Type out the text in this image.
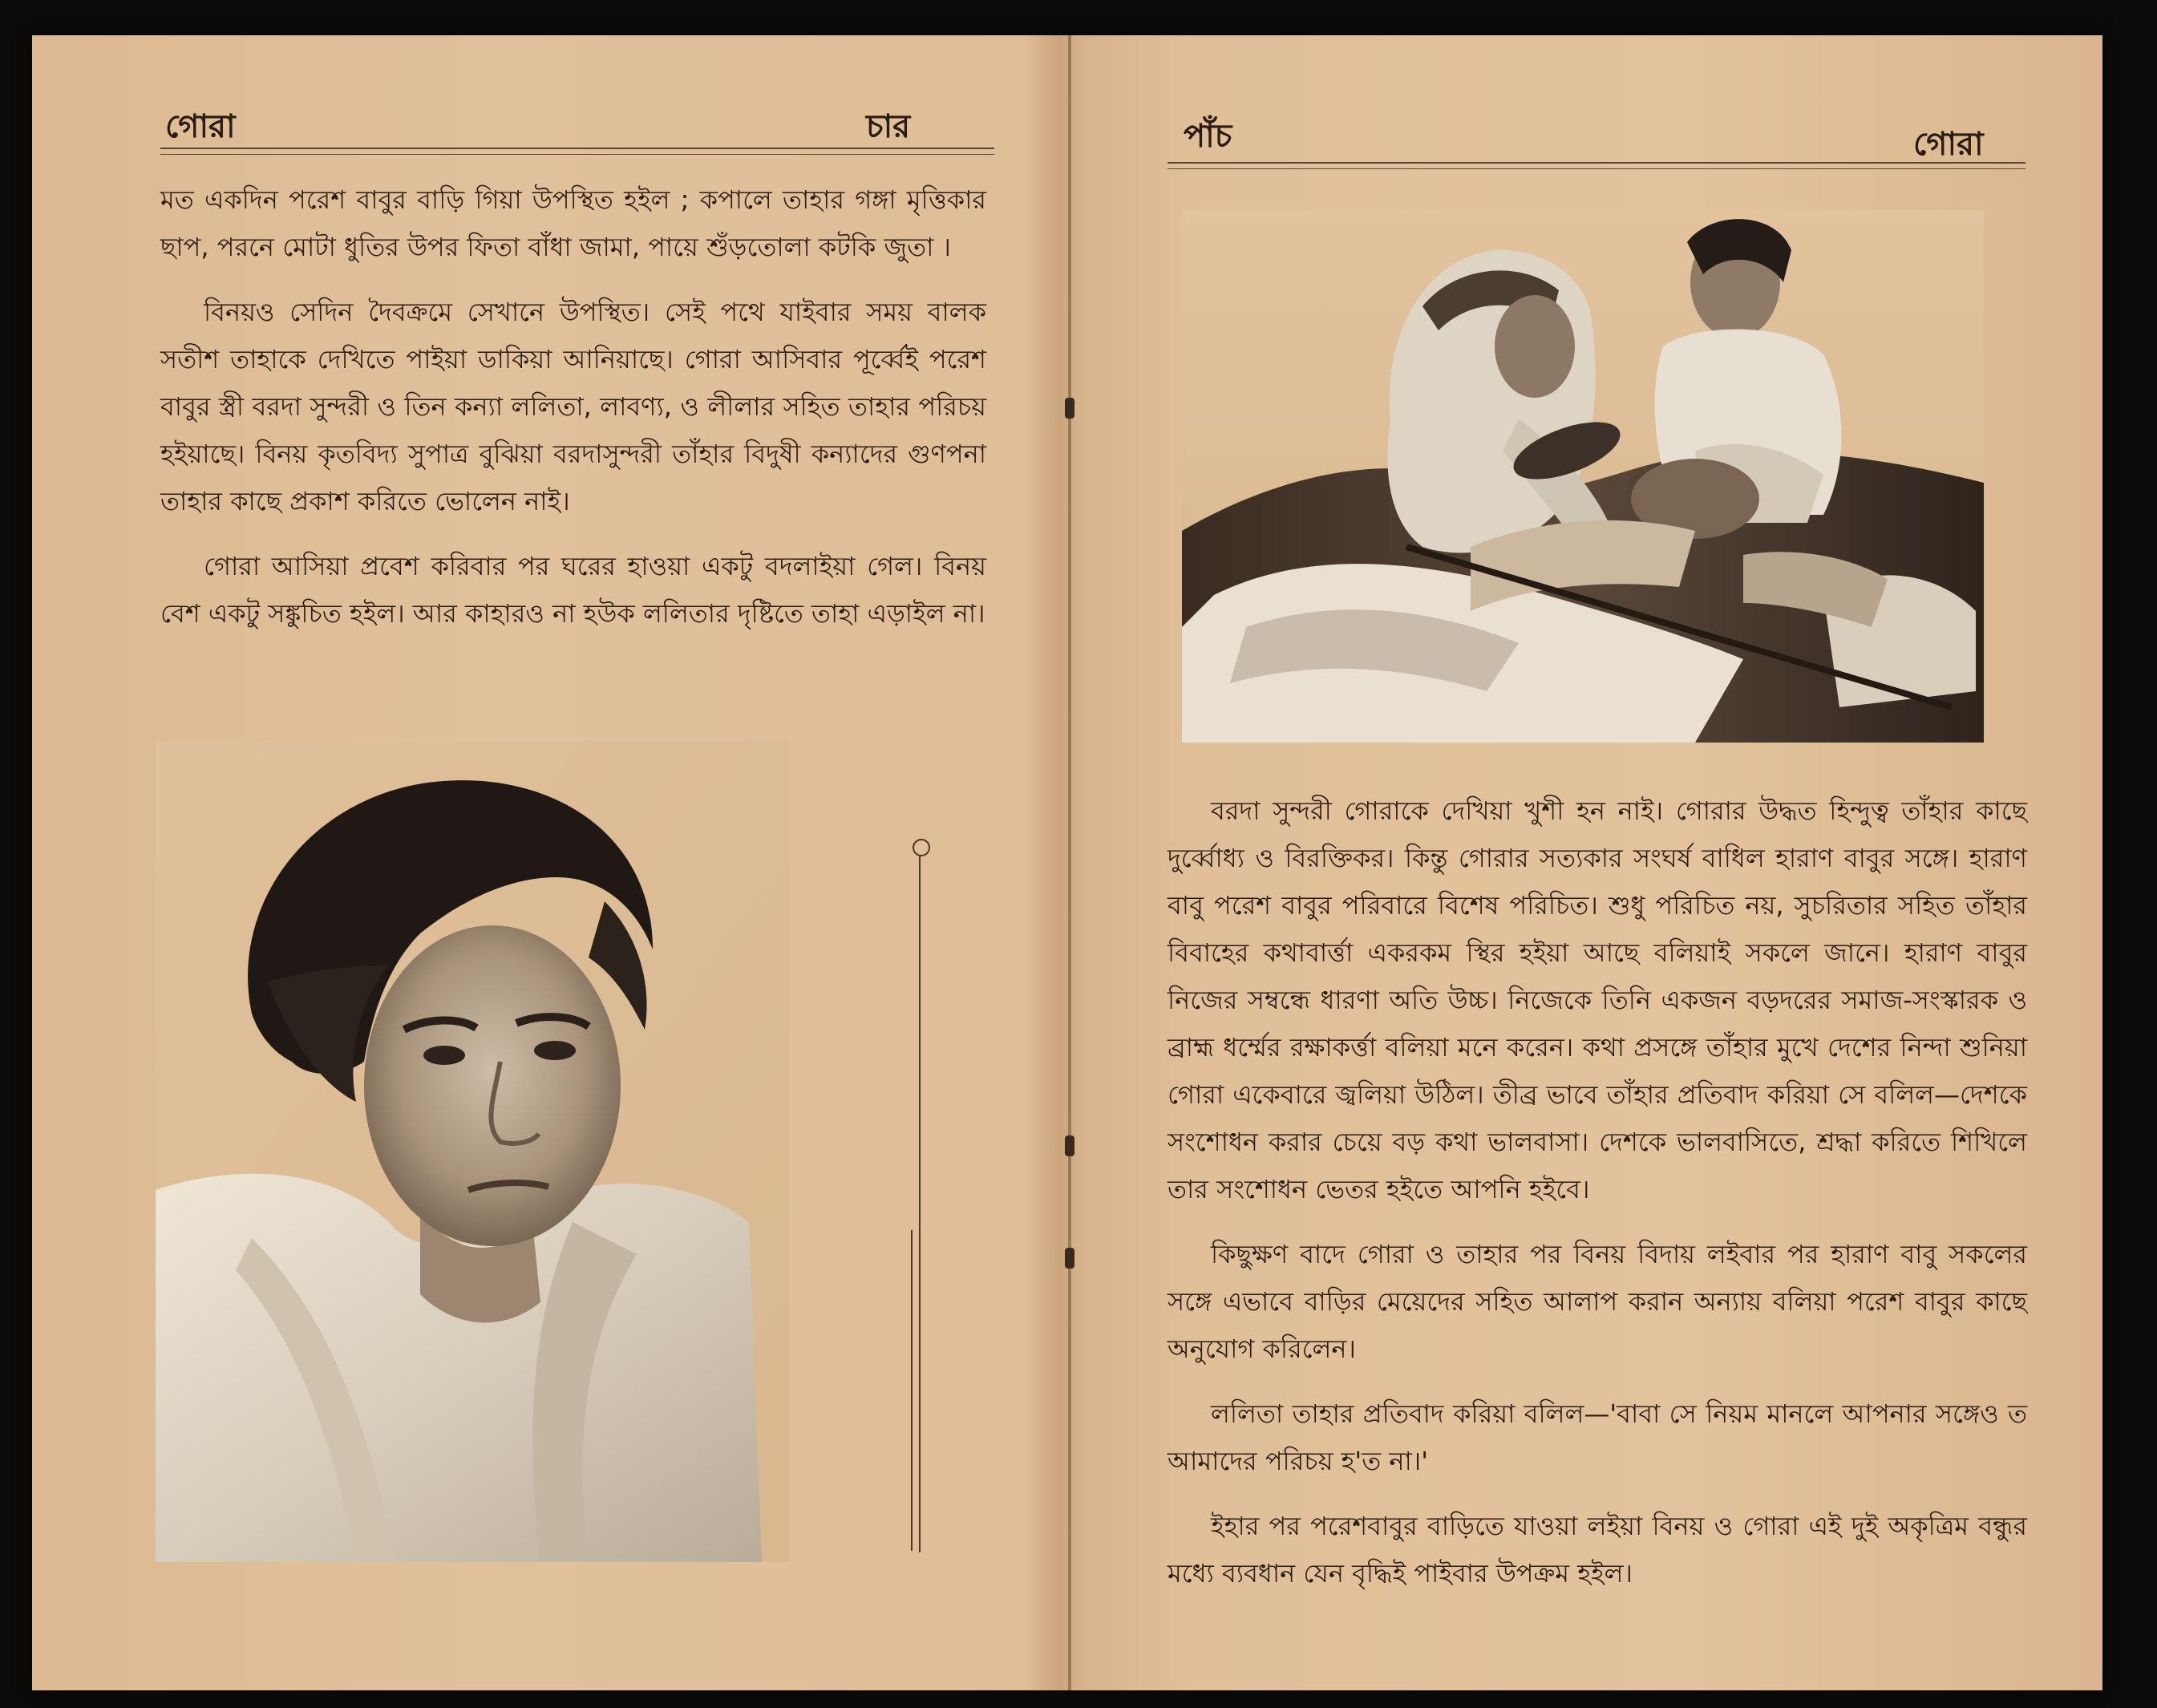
গোরা	চার

মত একদিন পরেশ বাবুর বাড়ি গিয়া উপস্থিত হইল ; কপালে তাহার গঙ্গা মৃত্তিকার ছাপ, পরনে মোটা ধুতির উপর ফিতা বাঁধা জামা, পায়ে শুঁড়তোলা কটকি জুতা ।

বিনয়ও সেদিন দৈবক্রমে সেখানে উপস্থিত। সেই পথে যাইবার সময় বালক সতীশ তাহাকে দেখিতে পাইয়া ডাকিয়া আনিয়াছে। গোরা আসিবার পূর্ব্বেই পরেশ বাবুর স্ত্রী বরদা সুন্দরী ও তিন কন্যা ললিতা, লাবণ্য, ও লীলার সহিত তাহার পরিচয় হইয়াছে। বিনয় কৃতবিদ্য সুপাত্র বুঝিয়া বরদাসুন্দরী তাঁহার বিদুষী কন্যাদের গুণপনা তাহার কাছে প্রকাশ করিতে ভোলেন নাই।

গোরা আসিয়া প্রবেশ করিবার পর ঘরের হাওয়া একটু বদলাইয়া গেল। বিনয় বেশ একটু সঙ্কুচিত হইল। আর কাহারও না হউক ললিতার দৃষ্টিতে তাহা এড়াইল না।

পাঁচ	গোরা

বরদা সুন্দরী গোরাকে দেখিয়া খুশী হন নাই। গোরার উদ্ধত হিন্দুত্ব তাঁহার কাছে দুর্ব্বোধ্য ও বিরক্তিকর। কিন্তু গোরার সত্যকার সংঘর্ষ বাধিল হারাণ বাবুর সঙ্গে। হারাণ বাবু পরেশ বাবুর পরিবারে বিশেষ পরিচিত। শুধু পরিচিত নয়, সুচরিতার সহিত তাঁহার বিবাহের কথাবার্ত্তা একরকম স্থির হইয়া আছে বলিয়াই সকলে জানে। হারাণ বাবুর নিজের সম্বন্ধে ধারণা অতি উচ্চ। নিজেকে তিনি একজন বড়দরের সমাজ-সংস্কারক ও ব্রাহ্ম ধর্ম্মের রক্ষাকর্ত্তা বলিয়া মনে করেন। কথা প্রসঙ্গে তাঁহার মুখে দেশের নিন্দা শুনিয়া গোরা একেবারে জ্বলিয়া উঠিল। তীব্র ভাবে তাঁহার প্রতিবাদ করিয়া সে বলিল—দেশকে সংশোধন করার চেয়ে বড় কথা ভালবাসা। দেশকে ভালবাসিতে, শ্রদ্ধা করিতে শিখিলে তার সংশোধন ভেতর হইতে আপনি হইবে।

কিছুক্ষণ বাদে গোরা ও তাহার পর বিনয় বিদায় লইবার পর হারাণ বাবু সকলের সঙ্গে এভাবে বাড়ির মেয়েদের সহিত আলাপ করান অন্যায় বলিয়া পরেশ বাবুর কাছে অনুযোগ করিলেন।

ললিতা তাহার প্রতিবাদ করিয়া বলিল—'বাবা সে নিয়ম মানলে আপনার সঙ্গেও ত আমাদের পরিচয় হ'ত না।'

ইহার পর পরেশবাবুর বাড়িতে যাওয়া লইয়া বিনয় ও গোরা এই দুই অকৃত্রিম বন্ধুর মধ্যে ব্যবধান যেন বৃদ্ধিই পাইবার উপক্রম হইল।
